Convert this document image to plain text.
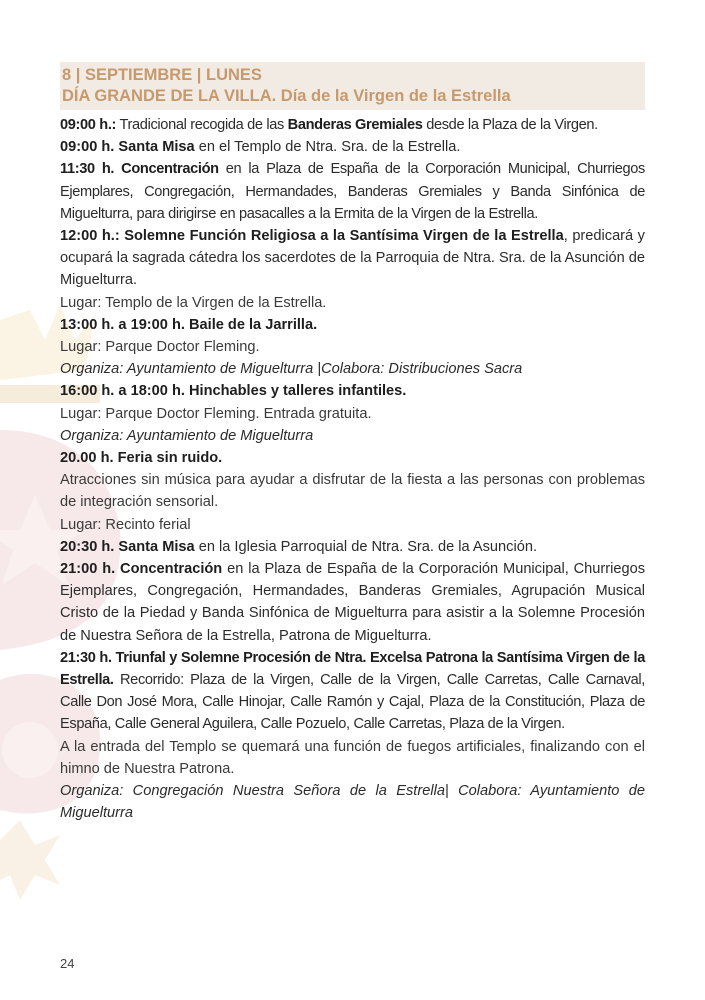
8 | SEPTIEMBRE | LUNES
DÍA GRANDE DE LA VILLA. Día de la Virgen de la Estrella
09:00 h.: Tradicional recogida de las Banderas Gremiales desde la Plaza de la Virgen.
09:00 h. Santa Misa en el Templo de Ntra. Sra. de la Estrella.
11:30 h. Concentración en la Plaza de España de la Corporación Municipal, Churriegos Ejemplares, Congregación, Hermandades, Banderas Gremiales y Banda Sinfónica de Miguelturra, para dirigirse en pasacalles a la Ermita de la Virgen de la Estrella.
12:00 h.: Solemne Función Religiosa a la Santísima Virgen de la Estrella, predicará y ocupará la sagrada cátedra los sacerdotes de la Parroquia de Ntra. Sra. de la Asunción de Miguelturra.
Lugar: Templo de la Virgen de la Estrella.
13:00 h. a 19:00 h. Baile de la Jarrilla.
Lugar: Parque Doctor Fleming.
Organiza: Ayuntamiento de Miguelturra |Colabora: Distribuciones Sacra
16:00 h. a 18:00 h. Hinchables y talleres infantiles.
Lugar: Parque Doctor Fleming. Entrada gratuita.
Organiza: Ayuntamiento de Miguelturra
20.00 h. Feria sin ruido.
Atracciones sin música para ayudar a disfrutar de la fiesta a las personas con problemas de integración sensorial.
Lugar: Recinto ferial
20:30 h. Santa Misa en la Iglesia Parroquial de Ntra. Sra. de la Asunción.
21:00 h. Concentración en la Plaza de España de la Corporación Municipal, Churriegos Ejemplares, Congregación, Hermandades, Banderas Gremiales, Agrupación Musical Cristo de la Piedad y Banda Sinfónica de Miguelturra para asistir a la Solemne Procesión de Nuestra Señora de la Estrella, Patrona de Miguelturra.
21:30 h. Triunfal y Solemne Procesión de Ntra. Excelsa Patrona la Santísima Virgen de la Estrella. Recorrido: Plaza de la Virgen, Calle de la Virgen, Calle Carretas, Calle Carnaval, Calle Don José Mora, Calle Hinojar, Calle Ramón y Cajal, Plaza de la Constitución, Plaza de España, Calle General Aguilera, Calle Pozuelo, Calle Carretas, Plaza de la Virgen.
A la entrada del Templo se quemará una función de fuegos artificiales, finalizando con el himno de Nuestra Patrona.
Organiza: Congregación Nuestra Señora de la Estrella| Colabora: Ayuntamiento de Miguelturra
24
